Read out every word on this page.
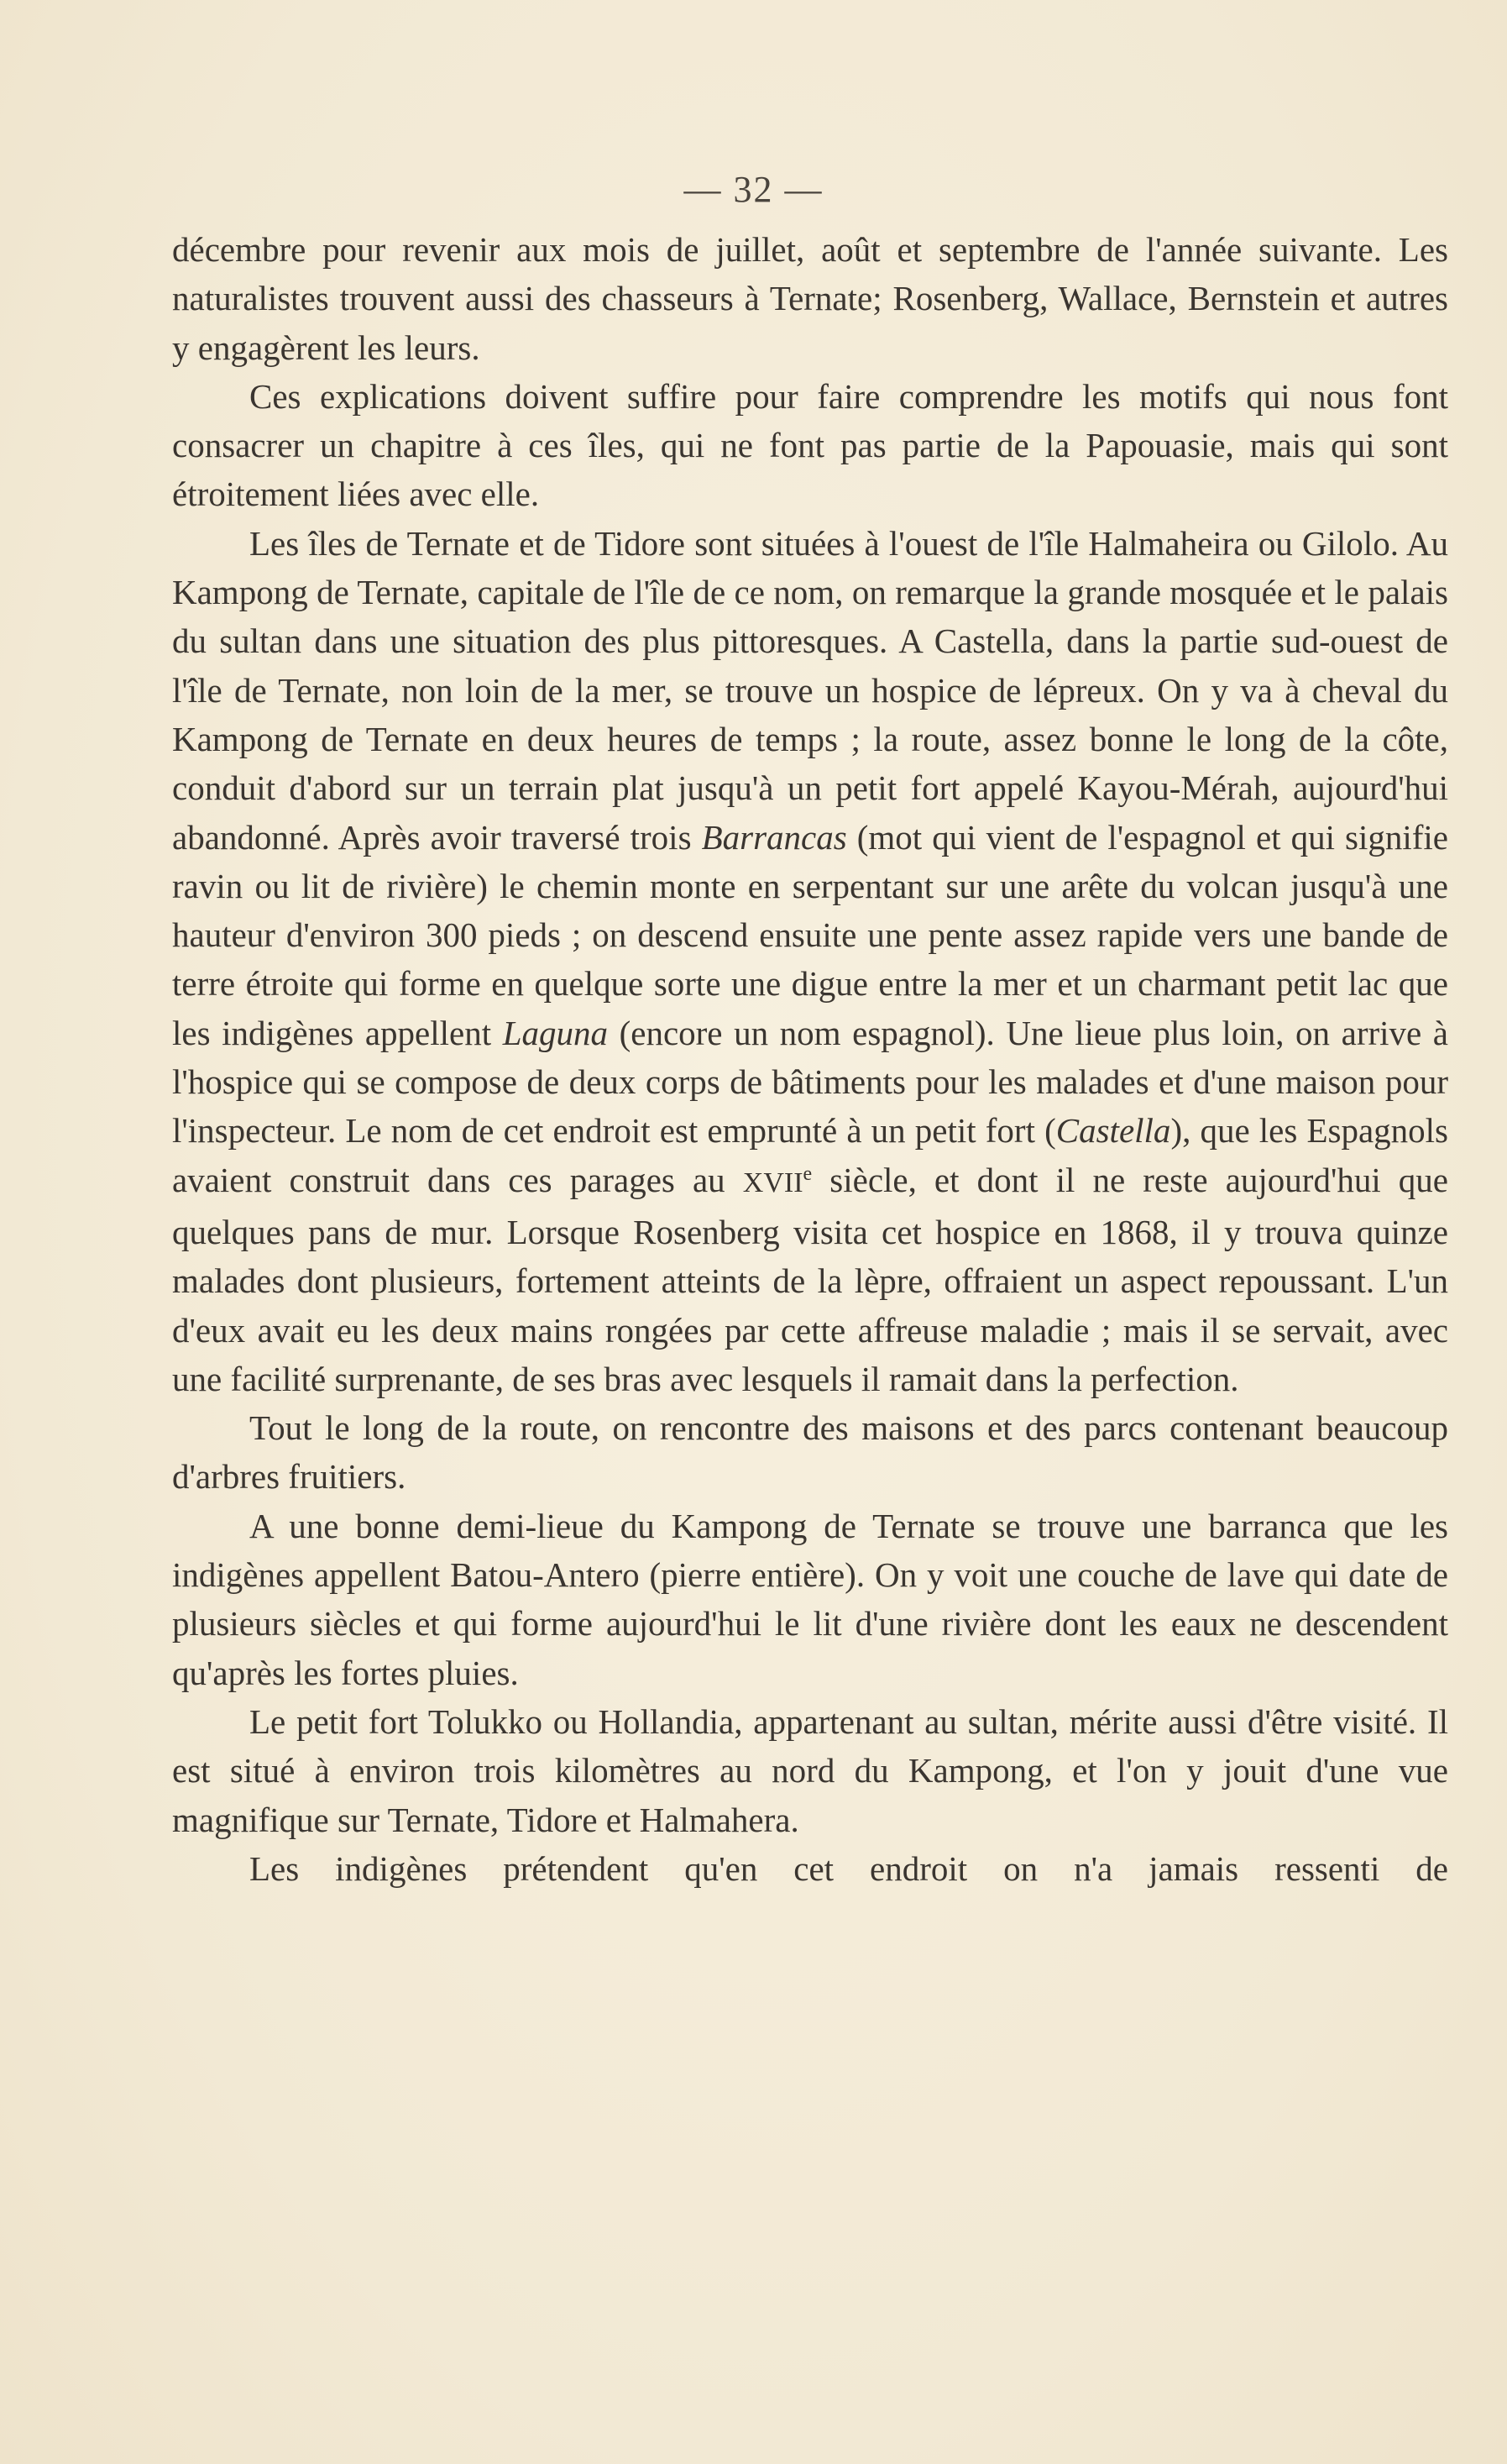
— 32 —

décembre pour revenir aux mois de juillet, août et septembre de l'année suivante. Les naturalistes trouvent aussi des chasseurs à Ternate; Rosenberg, Wallace, Bernstein et autres y engagèrent les leurs.

Ces explications doivent suffire pour faire comprendre les motifs qui nous font consacrer un chapitre à ces îles, qui ne font pas partie de la Papouasie, mais qui sont étroitement liées avec elle.

Les îles de Ternate et de Tidore sont situées à l'ouest de l'île Halmaheira ou Gilolo. Au Kampong de Ternate, capitale de l'île de ce nom, on remarque la grande mosquée et le palais du sultan dans une situation des plus pittoresques. A Castella, dans la partie sud-ouest de l'île de Ternate, non loin de la mer, se trouve un hospice de lépreux. On y va à cheval du Kampong de Ternate en deux heures de temps ; la route, assez bonne le long de la côte, conduit d'abord sur un terrain plat jusqu'à un petit fort appelé Kayou-Mérah, aujourd'hui abandonné. Après avoir traversé trois Barrancas (mot qui vient de l'espagnol et qui signifie ravin ou lit de rivière) le chemin monte en serpentant sur une arête du volcan jusqu'à une hauteur d'environ 300 pieds ; on descend ensuite une pente assez rapide vers une bande de terre étroite qui forme en quelque sorte une digue entre la mer et un charmant petit lac que les indigènes appellent Laguna (encore un nom espagnol). Une lieue plus loin, on arrive à l'hospice qui se compose de deux corps de bâtiments pour les malades et d'une maison pour l'inspecteur. Le nom de cet endroit est emprunté à un petit fort (Castella), que les Espagnols avaient construit dans ces parages au XVIIe siècle, et dont il ne reste aujourd'hui que quelques pans de mur. Lorsque Rosenberg visita cet hospice en 1868, il y trouva quinze malades dont plusieurs, fortement atteints de la lèpre, offraient un aspect repoussant. L'un d'eux avait eu les deux mains rongées par cette affreuse maladie ; mais il se servait, avec une facilité surprenante, de ses bras avec lesquels il ramait dans la perfection.

Tout le long de la route, on rencontre des maisons et des parcs contenant beaucoup d'arbres fruitiers.

A une bonne demi-lieue du Kampong de Ternate se trouve une barranca que les indigènes appellent Batou-Antero (pierre entière). On y voit une couche de lave qui date de plusieurs siècles et qui forme aujourd'hui le lit d'une rivière dont les eaux ne descendent qu'après les fortes pluies.

Le petit fort Tolukko ou Hollandia, appartenant au sultan, mérite aussi d'être visité. Il est situé à environ trois kilomètres au nord du Kampong, et l'on y jouit d'une vue magnifique sur Ternate, Tidore et Halmahera.

Les indigènes prétendent qu'en cet endroit on n'a jamais ressenti de
